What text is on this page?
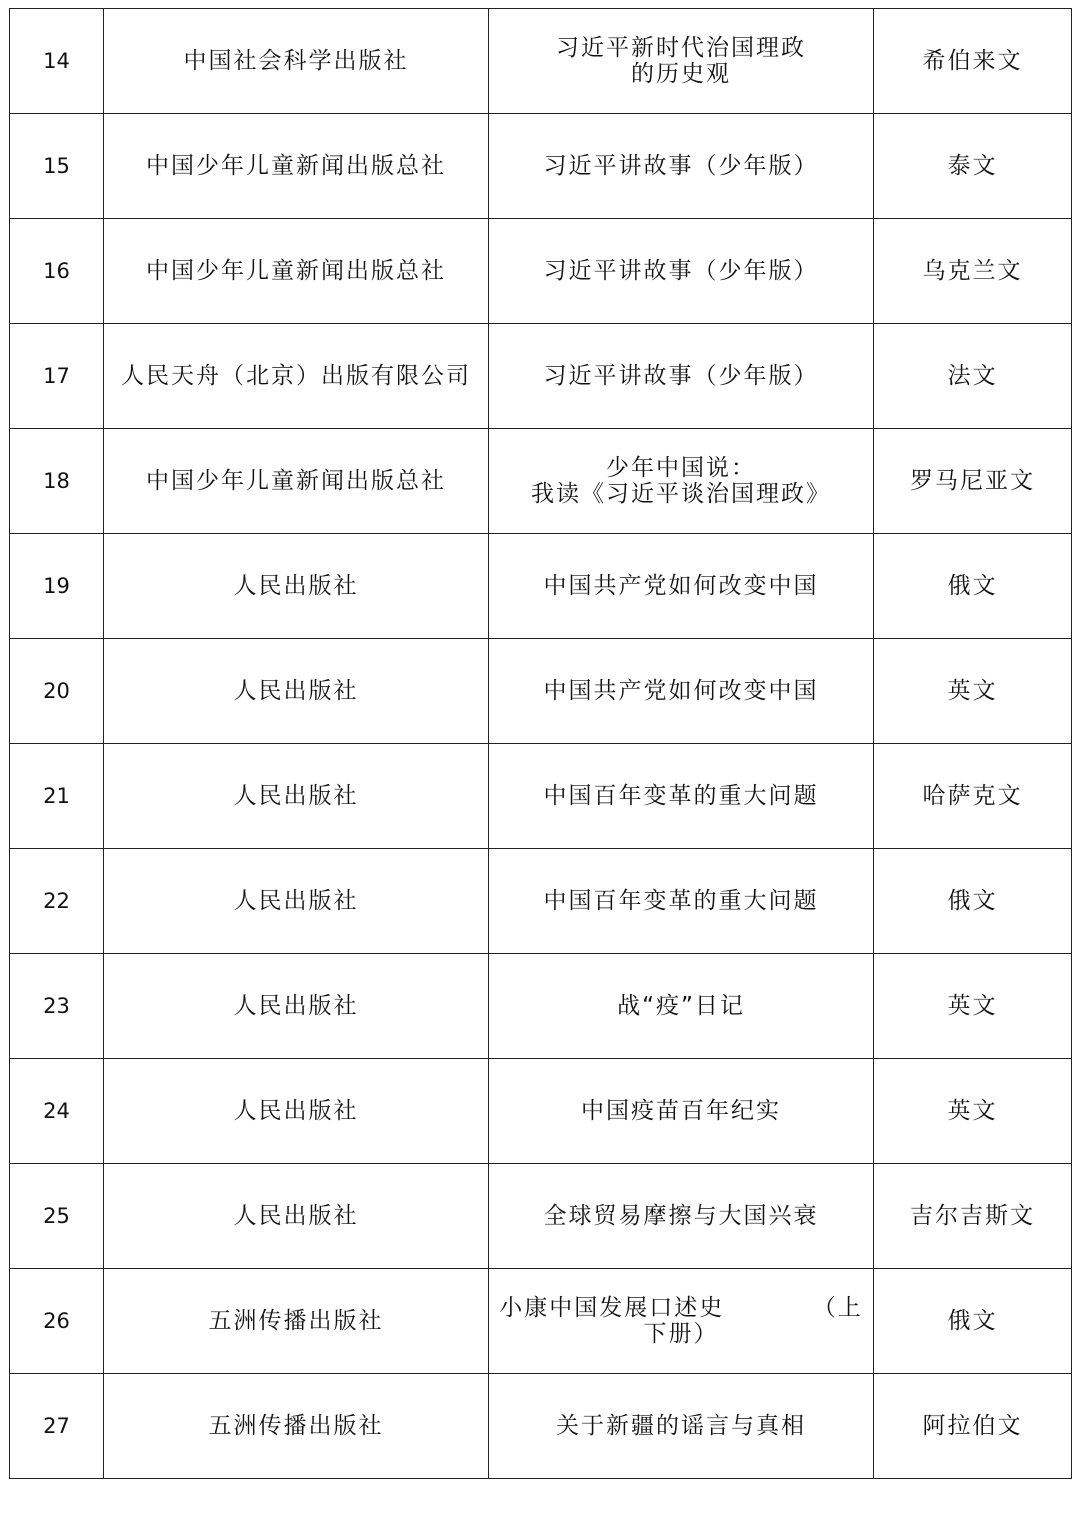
14	中国社会科学出版社	习近平新时代治国理政
的历史观	希伯来文

15	中国少年儿童新闻出版总社	习近平讲故事（少年版）	泰文

16	中国少年儿童新闻出版总社	习近平讲故事（少年版）	乌克兰文

17	人民天舟（北京）出版有限公司	习近平讲故事（少年版）	法文

18	中国少年儿童新闻出版总社	少年中国说：
我读《习近平谈治国理政》	罗马尼亚文

19	人民出版社	中国共产党如何改变中国	俄文

20	人民出版社	中国共产党如何改变中国	英文

21	人民出版社	中国百年变革的重大问题	哈萨克文

22	人民出版社	中国百年变革的重大问题	俄文

23	人民出版社	战“疫”日记	英文

24	人民出版社	中国疫苗百年纪实	英文

25	人民出版社	全球贸易摩擦与大国兴衰	吉尔吉斯文

26	五洲传播出版社	小康中国发展口述史　　　　（上
下册）	俄文

27	五洲传播出版社	关于新疆的谣言与真相	阿拉伯文
